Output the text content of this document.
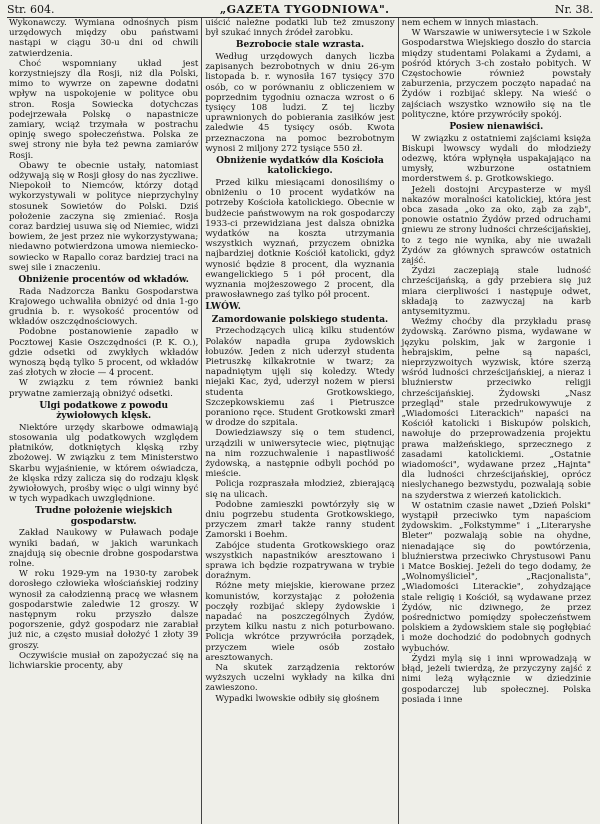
Str. 604.	„GAZETA TYGODNIOWA".	Nr. 38.

Wykonawczy. Wymiana odnośnych pism urzędowych między obu państwami nastąpi w ciągu 30-u dni od chwili zatwierdzenia.

Choć wspomniany układ jest korzystniejszy dla Rosji, niż dla Polski, mimo to wywrze on zapewne dodatni wpływ na uspokojenie w polityce obu stron. Rosja Sowiecka dotychczas podejrzewała Polskę o napastnicze zamiary, wciąż trzymała w postrachu opinję swego społeczeństwa. Polska ze swej strony nie była też pewna zamiarów Rosji.

Obawy te obecnie ustały, natomiast odżywają się w Rosji głosy do nas życzliwe. Niepokoił to Niemców, którzy dotąd wykorzystywali w polityce nieprzychylny stosunek Sowietów do Polski. Dziś położenie zaczyna się zmieniać. Rosja coraz bardziej usuwa się od Niemiec, widzi bowiem, że jest przez nie wykorzystywana; niedawno potwierdzona umowa niemiecko-sowiecko w Rapallo coraz bardziej traci na swej sile i znaczeniu.

Obniżenie procentów od wkładów.

Rada Nadzorcza Banku Gospodarstwa Krajowego uchwaliła obniżyć od dnia 1-go grudnia b. r. wysokość procentów od wkładów oszczędnościowych.

Podobne postanowienie zapadło w Pocztowej Kasie Oszczędności (P. K. O.), gdzie odsetki od zwykłych wkładów wynoszą będą tylko 5 procent, od wkładów zaś złotych w złocie — 4 procent.

W związku z tem również banki prywatne zamierzają obniżyć odsetki.

Ulgi podatkowe z powodu żywiołowych klęsk.

Niektóre urzędy skarbowe odmawiają stosowania ulg podatkowych względem płatników, dotkniętych klęską rzby zbożowej. W związku z tem Ministerstwo Skarbu wyjaśnienie, w którem oświadcza, że klęska rdzy zalicza się do rodzaju klęsk żywiołowych, prośby więc o ulgi winny być w tych wypadkach uwzględnione.

Trudne położenie wiejskich gospodarstw.

Zakład Naukowy w Puławach podaje wyniki badań, w jakich warunkach znajdują się obecnie drobne gospodarstwa rolne.

W roku 1929-ym na 1930-ty zarobek dorosłego człowieka włościańskiej rodziny wynosił za całodzienną pracę we własnem gospodarstwie zaledwie 12 groszy. W następnym roku przyszło dalsze pogorszenie, gdyż gospodarz nie zarabiał już nic, a często musiał dołożyć 1 złoty 39 groszy.

Oczywiście musiał on zapożyczać się na lichwiarskie procenty, aby

uiścić należne podatki lub też zmuszony był szukać innych źródeł zarobku.

Bezrobocie stale wzrasta.

Według urzędowych danych liczba zapisanych bezrobotnych w dniu 26-ym listopada b. r. wynosiła 167 tysięcy 370 osób, co w porównaniu z obliczeniem w poprzednim tygodniu oznacza wzrost o 6 tysięcy 108 ludzi. Z tej liczby uprawnionych do pobierania zasiłków jest zaledwie 45 tysięcy osób. Kwota przeznaczona na pomoc bezrobotnym wynosi 2 miljony 272 tysiące 550 zł.

Obniżenie wydatków dla Kościoła katolickiego.

Przed kilku miesiącami donosiliśmy o obniżeniu o 10 procent wydatków na potrzeby Kościoła katolickiego. Obecnie w budżecie państwowym na rok gospodarczy 1933-ci przewidziana jest dalsza obniżka wydatków na koszta utrzymania wszystkich wyznań, przyczem obniżka najbardziej dotknie Kościół katolicki, gdyż wynosić będzie 8 procent, dla wyznania ewangelickiego 5 i pół procent, dla wyznania mojżeszowego 2 procent, dla prawosławnego zaś tylko pół procent.

LWÓW.
Zamordowanie polskiego studenta.

Przechodzących ulicą kilku studentów Polaków napadła grupa żydowskich łobuzów. Jeden z nich uderzył studenta Pietruszkę kilkakrotnie w twarz; za napadniętym ujęli się koledzy. Wtedy niejaki Kac, żyd, uderzył nożem w piersi studenta Grotkowskiego, Szczepkowskiemu zaś i Pietruszce poraniono ręce. Student Grotkowski zmarł w drodze do szpitala.

Dowiedziawszy się o tem studenci, urządzili w uniwersytecie wiec, piętnując na nim rozzuchwalenie i napastliwość żydowską, a następnie odbyli pochód po mieście.

Policja rozpraszała młodzież, zbierającą się na ulicach.

Podobne zamieszki powtórzyły się w dniu pogrzebu studenta Grotkowskiego, przyczem zmarł także ranny student Zamorski i Boehm.

Zabójce studenta Grotkowskiego oraz wszystkich napastników aresztowano i sprawa ich będzie rozpatrywana w trybie doraźnym.

Różne mety miejskie, kierowane przez komunistów, korzystając z położenia poczęły rozbijać sklepy żydowskie i napadać na poszczególnych Żydów, przytem kilku nastu z nich poturbowano. Policja wkrótce przywróciła porządek, przyczem wiele osób zostało aresztowanych.

Na skutek zarządzenia rektorów wyższych uczelni wykłady na kilka dni zawieszono.

Wypadki lwowskie odbiły się głośnem

nem echem w innych miastach.

W Warszawie w uniwersytecie i w Szkole Gospodarstwa Wiejskiego doszło do starcia między studentami Polakami a Żydami, a pośród których 3-ch zostało pobitych. W Częstochowie również powstały zaburzenia, przyczem poczęto napadać na Żydów i rozbijać sklepy. Na wieść o zajściach wszystko wznowiło się na tle polityczne, które przywróciły spokój.

Posiew nienawiści.

W związku z ostatniemi zajściami księża Biskupi lwowscy wydali do młodzieży odezwę, która wpłynęła uspakajająco na umysły, wzburzone ostatniem morderstwem ś. p. Grotkowskiego.

Jeżeli dostojni Arcypasterze w myśl nakazów moralności katolickiej, która jest obca zasada „oko za oko, ząb za ząb", ponowie ostatnio Żydów przed odruchami gniewu ze strony ludności chrześcijańskiej, to z tego nie wynika, aby nie uważali Żydów za głównych sprawców ostatnich zajść.

Żydzi zaczepiają stale ludność chrześcijańską, a gdy przebiera się już miara cierpliwości i następuje odwet, składają to zazwyczaj na karb antysemityzmu.

Weźmy choćby dla przykładu prasę żydowską. Zarówno pisma, wydawane w języku polskim, jak w żargonie i hebrajskim, pełne są napaści, nieprzyzwoitych wyzwisk, które szerzą wśród ludności chrześcijańskiej, a nieraz i bluźnierstw przeciwko religji chrześcijańskiej. Żydowski „Nasz przegląd" stale przedrukowywuje z „Wiadomości Literackich" napaści na Kościół katolicki i Biskupów polskich, nawołuje do przeprowadzenia projektu prawa małżeńskiego, sprzecznego z zasadami katolickiemi. „Ostatnie wiadomości", wydawane przez „Hajnta" dla ludności chrześcijańskiej, oprócz nieslychanego bezwstydu, pozwalają sobie na szyderstwa z wierzeń katolickich.

W ostatnim czasie nawet „Dzień Polski" wystąpił przeciwko tym napaściom żydowskim. „Folkstymme" i „Literaryshe Bleter" pozwalają sobie na ohydne, nienadające się do powtórzenia, bluźnierstwa przeciwko Chrystusowi Panu i Matce Boskiej. Jeżeli do tego dodamy, że „Wolnomyśliciel", „Racjonalista", „Wiadomości Literackie", zohydzające stale religię i Kościół, są wydawane przez Żydów, nic dziwnego, że przez pośrednictwo pomiędzy społeczeństwem polskiem a żydowskiem stale się pogłębiać i może dochodzić do podobnych godnych wybuchów.

Żydzi mylą się i inni wprowadzają w błąd, jeżeli twierdzą, że przyczyny zajść z nimi leżą wyłącznie w dziedzinie gospodarczej lub społecznej. Polska posiada i inne
